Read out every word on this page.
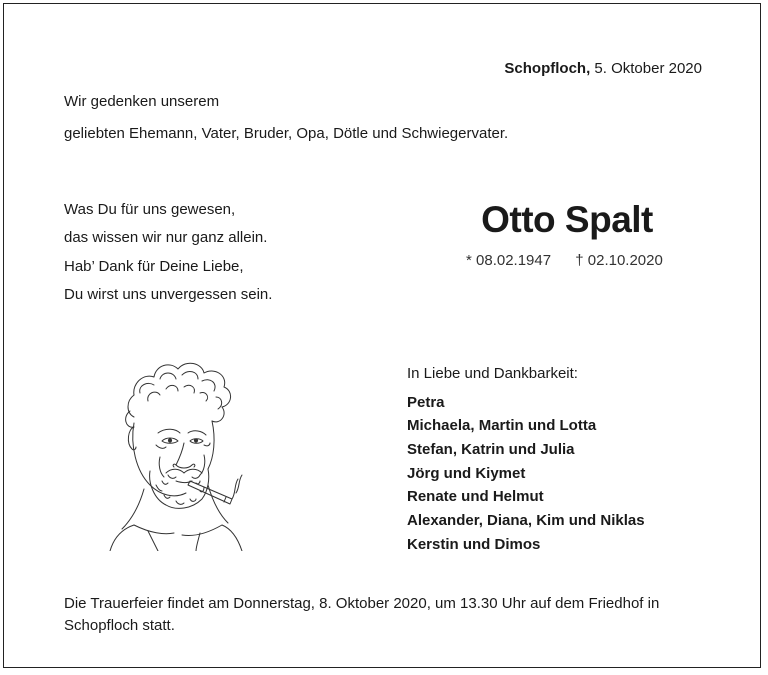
Schopfloch, 5. Oktober 2020
Wir gedenken unserem
geliebten Ehemann, Vater, Bruder, Opa, Dötle und Schwiegervater.
Was Du für uns gewesen,
das wissen wir nur ganz allein.
Hab’ Dank für Deine Liebe,
Du wirst uns unvergessen sein.
Otto Spalt
* 08.02.1947 † 02.10.2020
In Liebe und Dankbarkeit:
Petra
Michaela, Martin und Lotta
Stefan, Katrin und Julia
Jörg und Kiymet
Renate und Helmut
Alexander, Diana, Kim und Niklas
Kerstin und Dimos
Die Trauerfeier findet am Donnerstag, 8. Oktober 2020, um 13.30 Uhr auf dem Friedhof in
Schopfloch statt.
